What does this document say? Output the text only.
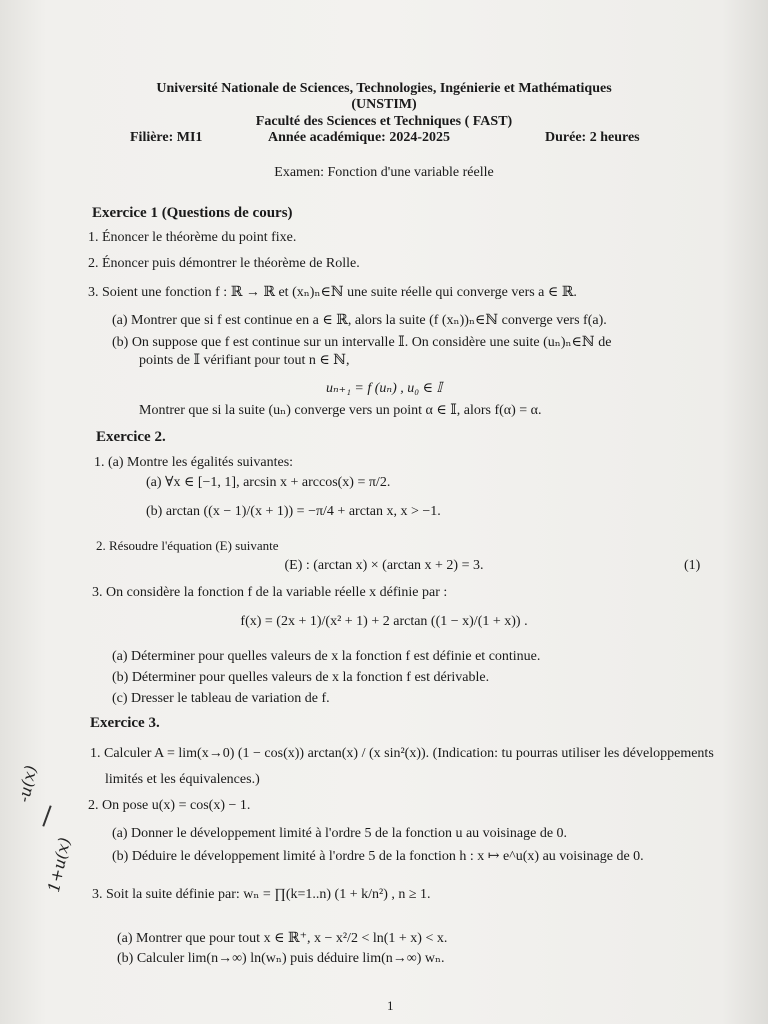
Université Nationale de Sciences, Technologies, Ingénierie et Mathématiques
(UNSTIM)
Faculté des Sciences et Techniques ( FAST)
Filière: MI1	Année académique: 2024-2025	Durée: 2 heures
Examen: Fonction d'une variable réelle
Exercice 1 (Questions de cours)
1. Énoncer le théorème du point fixe.
2. Énoncer puis démontrer le théorème de Rolle.
3. Soient une fonction f : ℝ → ℝ et (xₙ)ₙ∈ℕ une suite réelle qui converge vers a ∈ ℝ.
(a) Montrer que si f est continue en a ∈ ℝ, alors la suite (f (xₙ))ₙ∈ℕ converge vers f(a).
(b) On suppose que f est continue sur un intervalle 𝕀. On considère une suite (uₙ)ₙ∈ℕ de
points de 𝕀 vérifiant pour tout n ∈ ℕ,
uₙ₊₁ = f (uₙ) , u₀ ∈ 𝕀
Montrer que si la suite (uₙ) converge vers un point α ∈ 𝕀, alors f(α) = α.
Exercice 2.
1. (a) Montre les égalités suivantes:
(a) ∀x ∈ [−1, 1], arcsin x + arccos(x) = π/2.
(b) arctan ((x − 1)/(x + 1)) = −π/4 + arctan x, x > −1.
2. Résoudre l'équation (E) suivante
(E) : (arctan x) × (arctan x + 2) = 3.	(1)
3. On considère la fonction f de la variable réelle x définie par :
f(x) = (2x + 1)/(x² + 1) + 2 arctan ((1 − x)/(1 + x)) .
(a) Déterminer pour quelles valeurs de x la fonction f est définie et continue.
(b) Déterminer pour quelles valeurs de x la fonction f est dérivable.
(c) Dresser le tableau de variation de f.
Exercice 3.
1. Calculer A = lim(x→0) (1 − cos(x)) arctan(x) / (x sin²(x)). (Indication: tu pourras utiliser les développements
limités et les équivalences.)
2. On pose u(x) = cos(x) − 1.
(a) Donner le développement limité à l'ordre 5 de la fonction u au voisinage de 0.
(b) Déduire le développement limité à l'ordre 5 de la fonction h : x ↦ e^u(x) au voisinage de 0.
3. Soit la suite définie par: wₙ = ∏(k=1..n) (1 + k/n²) , n ≥ 1.
(a) Montrer que pour tout x ∈ ℝ⁺, x − x²/2 < ln(1 + x) < x.
(b) Calculer lim(n→∞) ln(wₙ) puis déduire lim(n→∞) wₙ.
-u(x)
1+u(x)
1
